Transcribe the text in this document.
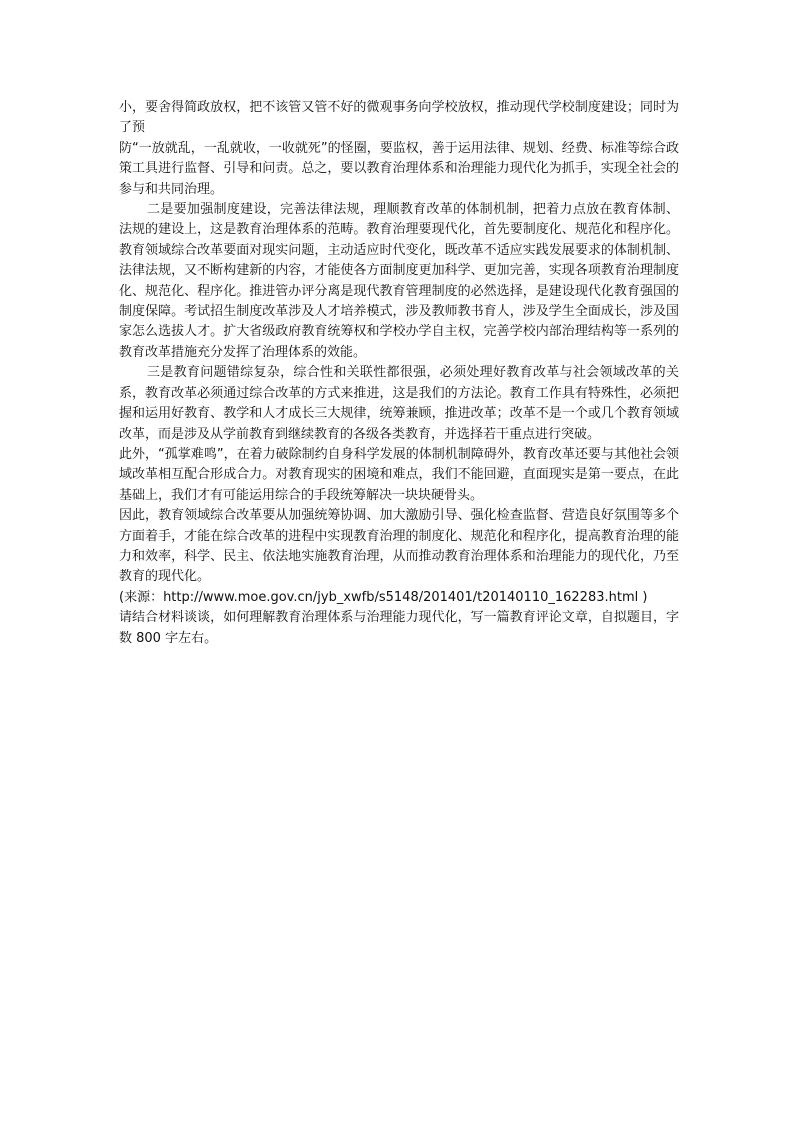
小，要舍得简政放权，把不该管又管不好的微观事务向学校放权，推动现代学校制度建设；同时为了预

防“一放就乱，一乱就收，一收就死”的怪圈，要监权，善于运用法律、规划、经费、标准等综合政策工具进行监督、引导和问责。总之，要以教育治理体系和治理能力现代化为抓手，实现全社会的参与和共同治理。

二是要加强制度建设，完善法律法规，理顺教育改革的体制机制，把着力点放在教育体制、法规的建设上，这是教育治理体系的范畴。教育治理要现代化，首先要制度化、规范化和程序化。教育领域综合改革要面对现实问题，主动适应时代变化，既改革不适应实践发展要求的体制机制、法律法规，又不断构建新的内容，才能使各方面制度更加科学、更加完善，实现各项教育治理制度化、规范化、程序化。推进管办评分离是现代教育管理制度的必然选择，是建设现代化教育强国的制度保障。考试招生制度改革涉及人才培养模式，涉及教师教书育人，涉及学生全面成长，涉及国家怎么选拔人才。扩大省级政府教育统筹权和学校办学自主权，完善学校内部治理结构等一系列的教育改革措施充分发挥了治理体系的效能。

三是教育问题错综复杂，综合性和关联性都很强，必须处理好教育改革与社会领域改革的关系，教育改革必须通过综合改革的方式来推进，这是我们的方法论。教育工作具有特殊性，必须把握和运用好教育、教学和人才成长三大规律，统筹兼顾，推进改革；改革不是一个或几个教育领域改革，而是涉及从学前教育到继续教育的各级各类教育，并选择若干重点进行突破。

此外，“孤掌难鸣”，在着力破除制约自身科学发展的体制机制障碍外，教育改革还要与其他社会领域改革相互配合形成合力。对教育现实的困境和难点，我们不能回避，直面现实是第一要点，在此基础上，我们才有可能运用综合的手段统筹解决一块块硬骨头。

因此，教育领域综合改革要从加强统筹协调、加大激励引导、强化检查监督、营造良好氛围等多个方面着手，才能在综合改革的进程中实现教育治理的制度化、规范化和程序化，提高教育治理的能力和效率，科学、民主、依法地实施教育治理，从而推动教育治理体系和治理能力的现代化，乃至教育的现代化。

(来源：http://www.moe.gov.cn/jyb_xwfb/s5148/201401/t20140110_162283.html )

请结合材料谈谈，如何理解教育治理体系与治理能力现代化，写一篇教育评论文章，自拟题目，字数 800 字左右。
